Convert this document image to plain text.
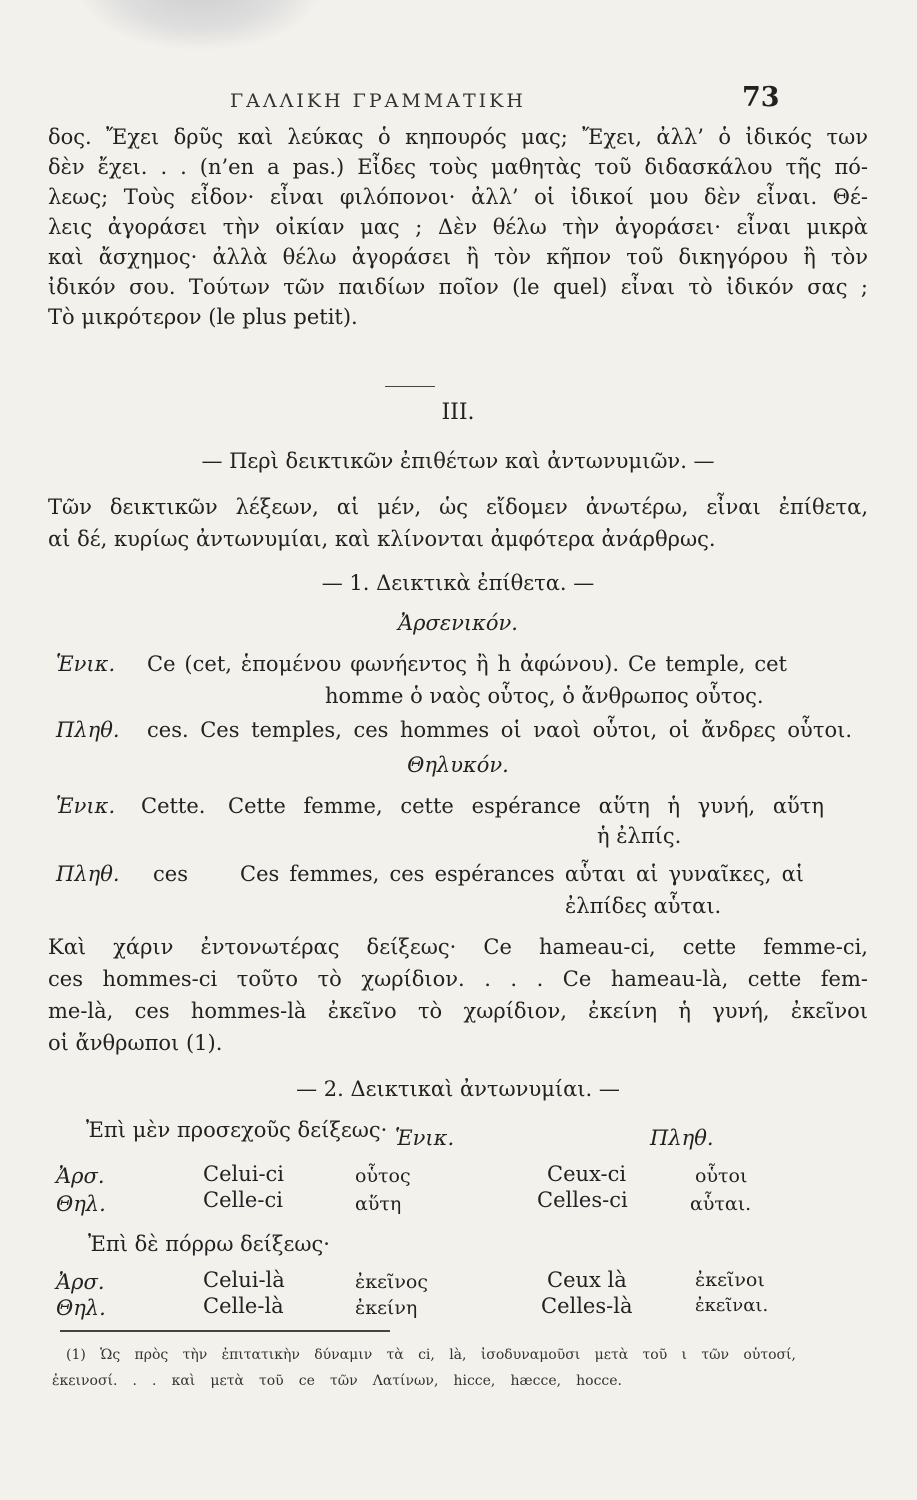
ΓΑΛΛΙΚΗ ΓΡΑΜΜΑΤΙΚΗ	73
δος. Ἔχει δρῦς καὶ λεύκας ὁ κηπουρός μας; Ἔχει, ἀλλ’ ὁ ἰδικός των
δὲν ἔχει. . . (n’en a pas.) Εἶδες τοὺς μαθητὰς τοῦ διδασκάλου τῆς πό-
λεως; Τοὺς εἶδον· εἶναι φιλόπονοι· ἀλλ’ οἱ ἰδικοί μου δὲν εἶναι. Θέ-
λεις ἀγοράσει τὴν οἰκίαν μας ; Δὲν θέλω τὴν ἀγοράσει· εἶναι μικρὰ
καὶ ἄσχημος· ἀλλὰ θέλω ἀγοράσει ἢ τὸν κῆπον τοῦ δικηγόρου ἢ τὸν
ἰδικόν σου. Τούτων τῶν παιδίων ποῖον (le quel) εἶναι τὸ ἰδικόν σας ;
Τὸ μικρότερον (le plus petit).
III.
— Περὶ δεικτικῶν ἐπιθέτων καὶ ἀντωνυμιῶν. —
Τῶν δεικτικῶν λέξεων, αἱ μέν, ὡς εἴδομεν ἀνωτέρω, εἶναι ἐπίθετα,
αἱ δέ, κυρίως ἀντωνυμίαι, καὶ κλίνονται ἀμφότερα ἀνάρθρως.
— 1. Δεικτικὰ ἐπίθετα. —
Ἀρσενικόν.
Ἑνικ. Ce (cet, ἑπομένου φωνήεντος ἢ h ἀφώνου). Ce temple, cet
homme ὁ ναὸς οὗτος, ὁ ἄνθρωπος οὗτος.
Πληθ. ces. Ces temples, ces hommes οἱ ναοὶ οὗτοι, οἱ ἄνδρες οὗτοι.
Θηλυκόν.
Ἑνικ. Cette. Cette femme, cette espérance αὕτη ἡ γυνή, αὕτη
ἡ ἐλπίς.
Πληθ. ces Ces femmes, ces espérances αὗται αἱ γυναῖκες, αἱ
ἐλπίδες αὗται.
Καὶ χάριν ἐντονωτέρας δείξεως· Ce hameau-ci, cette femme-ci,
ces hommes-ci τοῦτο τὸ χωρίδιον. . . . Ce hameau-là, cette fem-
me-là, ces hommes-là ἐκεῖνο τὸ χωρίδιον, ἐκείνη ἡ γυνή, ἐκεῖνοι
οἱ ἄνθρωποι (1).
— 2. Δεικτικαὶ ἀντωνυμίαι. —
Ἐπὶ μὲν προσεχοῦς δείξεως· Ἑνικ.	Πληθ.
Ἀρσ.	Celui-ci	οὗτος	Ceux-ci	οὗτοι
Θηλ.	Celle-ci	αὕτη	Celles-ci	αὗται.
Ἐπὶ δὲ πόρρω δείξεως·
Ἀρσ.	Celui-là	ἐκεῖνος	Ceux là	ἐκεῖνοι
Θηλ.	Celle-là	ἐκείνη	Celles-là	ἐκεῖναι.
(1) Ὡς πρὸς τὴν ἐπιτατικὴν δύναμιν τὰ ci, là, ἰσοδυναμοῦσι μετὰ τοῦ ι τῶν οὑτοσί,
ἐκεινοσί. . . καὶ μετὰ τοῦ ce τῶν Λατίνων, hicce, hæcce, hocce.
